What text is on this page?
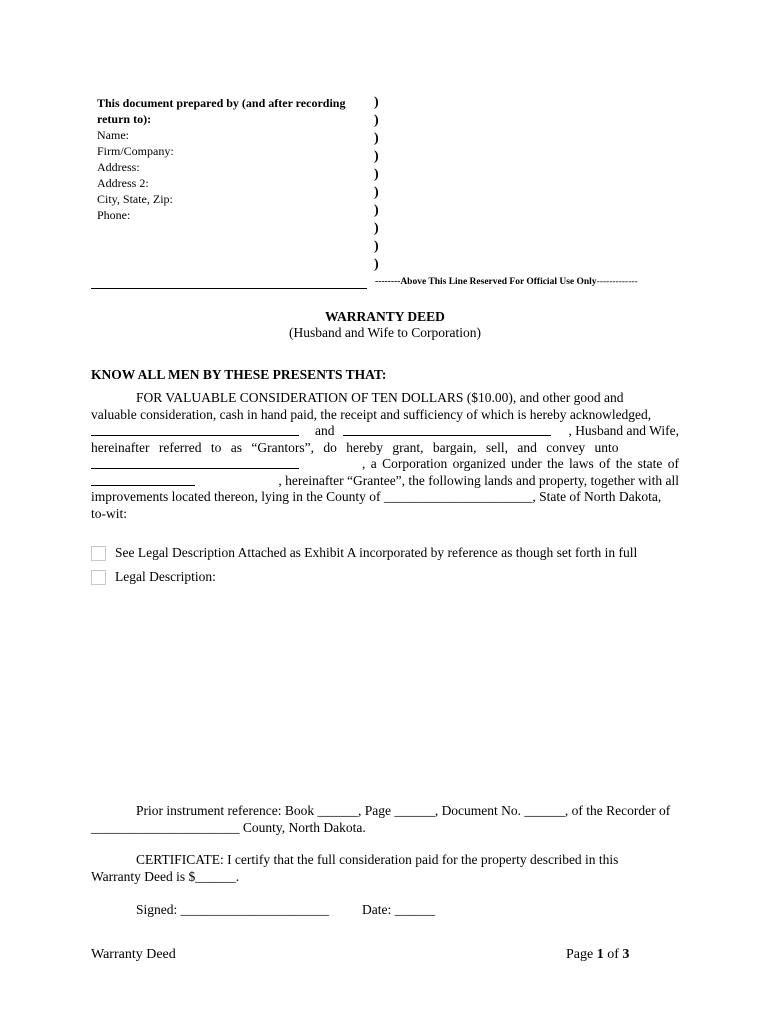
This document prepared by (and after recording return to):
Name:
Firm/Company:
Address:
Address 2:
City, State, Zip:
Phone:
)
)
)
)
)
)
)
)
)
)
--------Above This Line Reserved For Official Use Only-------------
WARRANTY DEED
(Husband and Wife to Corporation)
KNOW ALL MEN BY THESE PRESENTS THAT:
FOR VALUABLE CONSIDERATION OF TEN DOLLARS ($10.00), and other good and
valuable consideration, cash in hand paid, the receipt and sufficiency of which is hereby acknowledged,
and	, Husband and Wife,
hereinafter referred to as “Grantors”, do hereby grant, bargain, sell, and convey unto
, a Corporation organized under the laws of the state of
, hereinafter “Grantee”, the following lands and property, together with all
improvements located thereon, lying in the County of ______________________, State of North Dakota,
to-wit:
See Legal Description Attached as Exhibit A incorporated by reference as though set forth in full
Legal Description:
Prior instrument reference: Book ______, Page ______, Document No. ______, of the Recorder of
______________________ County, North Dakota.
CERTIFICATE: I certify that the full consideration paid for the property described in this
Warranty Deed is $______.
Signed: ______________________ Date: ______
Warranty Deed	Page 1 of 3
